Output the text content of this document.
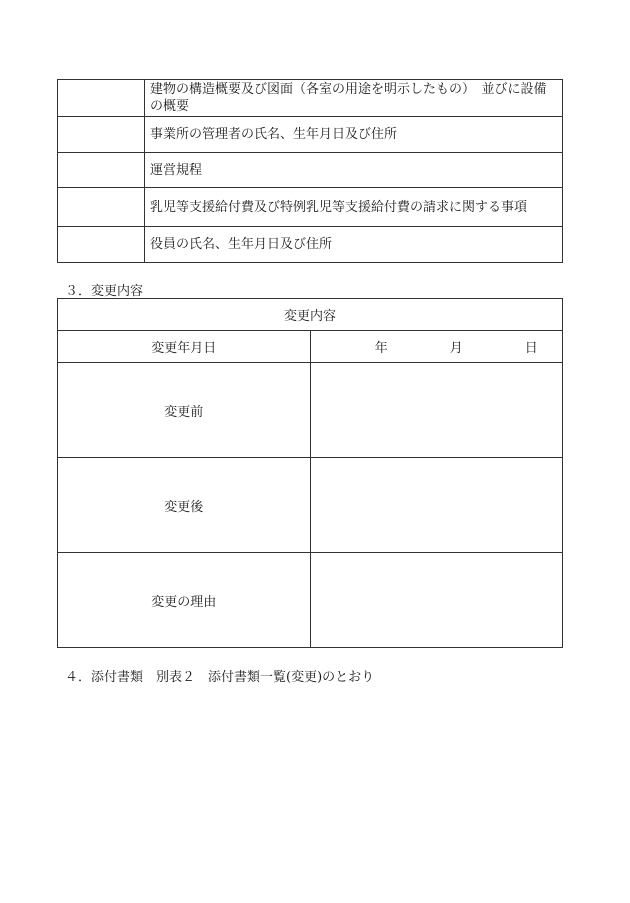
	建物の構造概要及び図面（各室の用途を明示したもの）　並びに設備の概要
	事業所の管理者の氏名、生年月日及び住所
	運営規程
	乳児等支援給付費及び特例乳児等支援給付費の請求に関する事項
	役員の氏名、生年月日及び住所
３．変更内容
変更内容	
変更年月日	年 月 日

変更前	
変更後	
変更の理由	
４．添付書類　別表２　添付書類一覧(変更)のとおり
